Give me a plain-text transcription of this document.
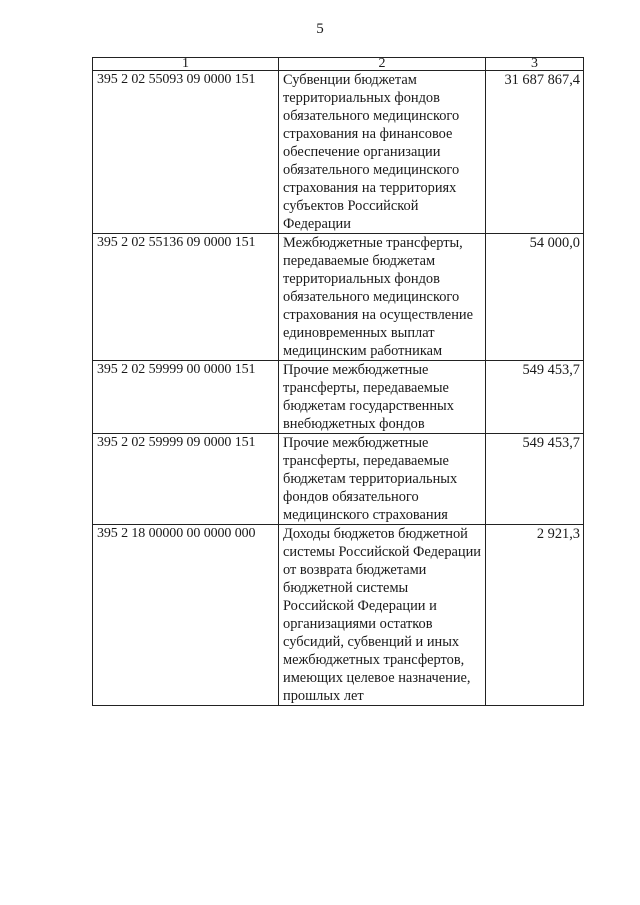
5
1	2	3
395 2 02 55093 09 0000 151	Субвенции бюджетам территориальных фондов обязательного медицинского страхования на финансовое обеспечение организации обязательного медицинского страхования на территориях субъектов Российской Федерации	31 687 867,4
395 2 02 55136 09 0000 151	Межбюджетные трансферты, передаваемые бюджетам территориальных фондов обязательного медицинского страхования на осуществление единовременных выплат медицинским работникам	54 000,0
395 2 02 59999 00 0000 151	Прочие межбюджетные трансферты, передаваемые бюджетам государственных внебюджетных фондов	549 453,7
395 2 02 59999 09 0000 151	Прочие межбюджетные трансферты, передаваемые бюджетам территориальных фондов обязательного медицинского страхования	549 453,7
395 2 18 00000 00 0000 000	Доходы бюджетов бюджетной системы Российской Федерации от возврата бюджетами бюджетной системы Российской Федерации и организациями остатков субсидий, субвенций и иных межбюджетных трансфертов, имеющих целевое назначение, прошлых лет	2 921,3
